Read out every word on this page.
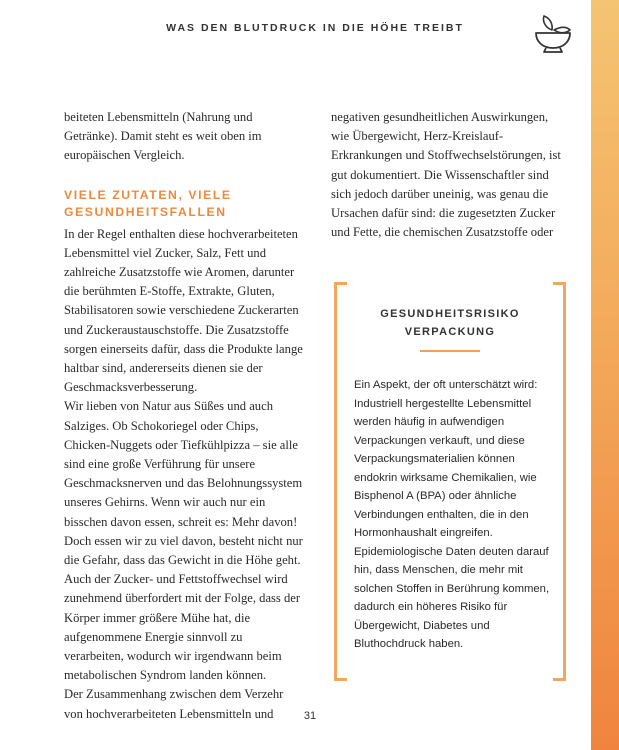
WAS DEN BLUTDRUCK IN DIE HÖHE TREIBT

beiteten Lebensmitteln (Nahrung und Getränke). Damit steht es weit oben im europäischen Vergleich.

VIELE ZUTATEN, VIELE GESUNDHEITSFALLEN

In der Regel enthalten diese hochverarbeiteten Lebensmittel viel Zucker, Salz, Fett und zahlreiche Zusatzstoffe wie Aromen, darunter die berühmten E-Stoffe, Extrakte, Gluten, Stabilisatoren sowie verschiedene Zuckerarten und Zuckeraustauschstoffe. Die Zusatzstoffe sorgen einerseits dafür, dass die Produkte lange haltbar sind, andererseits dienen sie der Geschmacksverbesserung.

Wir lieben von Natur aus Süßes und auch Salziges. Ob Schokoriegel oder Chips, Chicken-Nuggets oder Tiefkühlpizza – sie alle sind eine große Verführung für unsere Geschmacksnerven und das Belohnungssystem unseres Gehirns. Wenn wir auch nur ein bisschen davon essen, schreit es: Mehr davon! Doch essen wir zu viel davon, besteht nicht nur die Gefahr, dass das Gewicht in die Höhe geht. Auch der Zucker- und Fettstoffwechsel wird zunehmend überfordert mit der Folge, dass der Körper immer größere Mühe hat, die aufgenommene Energie sinnvoll zu verarbeiten, wodurch wir irgendwann beim metabolischen Syndrom landen können.

Der Zusammenhang zwischen dem Verzehr von hochverarbeiteten Lebensmitteln und

negativen gesundheitlichen Auswirkungen, wie Übergewicht, Herz-Kreislauf-Erkrankungen und Stoffwechselstörungen, ist gut dokumentiert. Die Wissenschaftler sind sich jedoch darüber uneinig, was genau die Ursachen dafür sind: die zugesetzten Zucker und Fette, die chemischen Zusatzstoffe oder

GESUNDHEITSRISIKO VERPACKUNG

Ein Aspekt, der oft unterschätzt wird: Industriell hergestellte Lebensmittel werden häufig in aufwendigen Verpackungen verkauft, und diese Verpackungsmaterialien können endokrin wirksame Chemikalien, wie Bisphenol A (BPA) oder ähnliche Verbindungen enthalten, die in den Hormonhaushalt eingreifen. Epidemiologische Daten deuten darauf hin, dass Menschen, die mehr mit solchen Stoffen in Berührung kommen, dadurch ein höheres Risiko für Übergewicht, Diabetes und Bluthochdruck haben.

31
